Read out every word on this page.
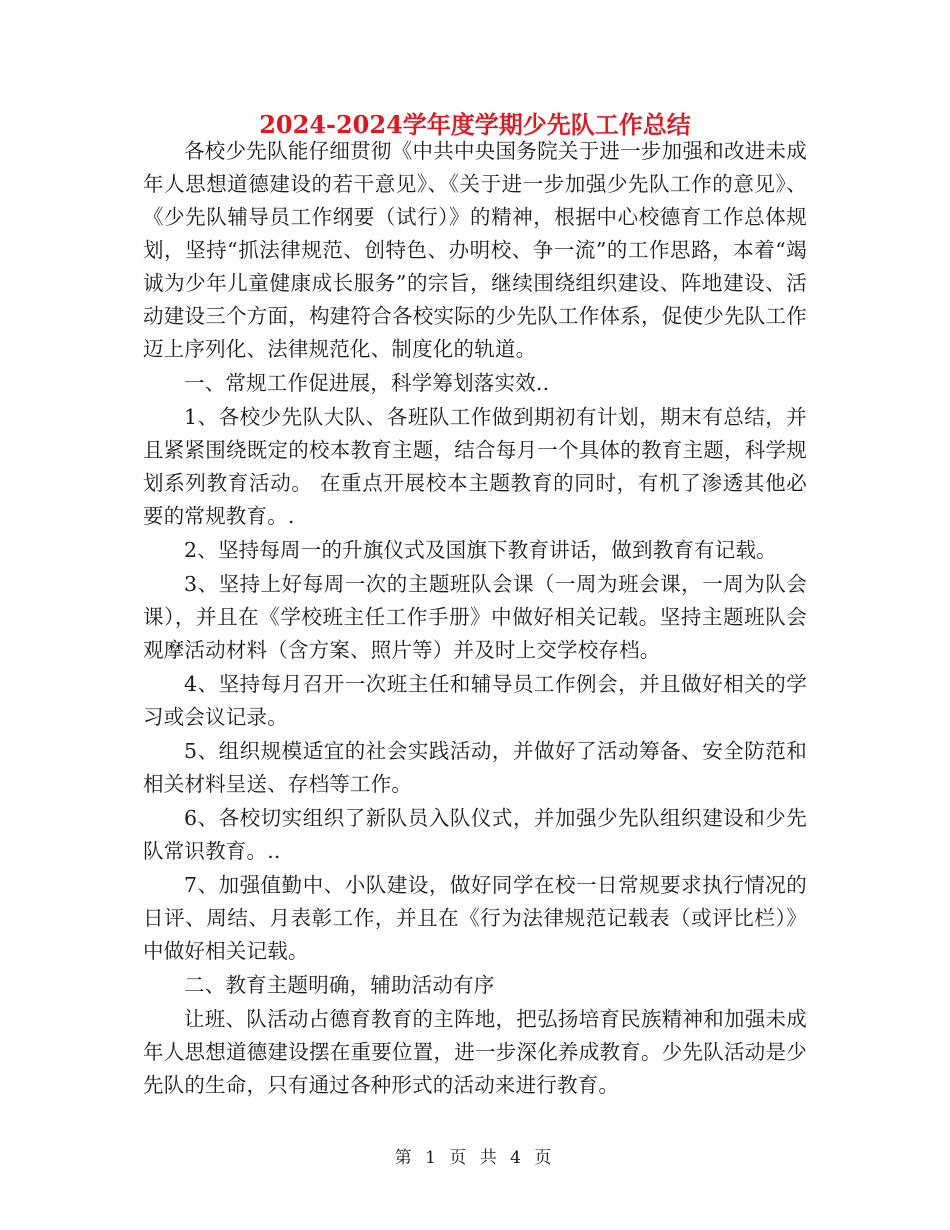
2024-2024学年度学期少先队工作总结

各校少先队能仔细贯彻《中共中央国务院关于进一步加强和改进未成年人思想道德建设的若干意见》、《关于进一步加强少先队工作的意见》、《少先队辅导员工作纲要（试行）》的精神，根据中心校德育工作总体规划，坚持“抓法律规范、创特色、办明校、争一流”的工作思路，本着“竭诚为少年儿童健康成长服务”的宗旨，继续围绕组织建设、阵地建设、活动建设三个方面，构建符合各校实际的少先队工作体系，促使少先队工作迈上序列化、法律规范化、制度化的轨道。

一、常规工作促进展，科学筹划落实效..

1、各校少先队大队、各班队工作做到期初有计划，期末有总结，并且紧紧围绕既定的校本教育主题，结合每月一个具体的教育主题，科学规划系列教育活动。 在重点开展校本主题教育的同时，有机了渗透其他必要的常规教育。.

2、坚持每周一的升旗仪式及国旗下教育讲话，做到教育有记载。

3、坚持上好每周一次的主题班队会课（一周为班会课，一周为队会课），并且在《学校班主任工作手册》中做好相关记载。坚持主题班队会观摩活动材料（含方案、照片等）并及时上交学校存档。

4、坚持每月召开一次班主任和辅导员工作例会，并且做好相关的学习或会议记录。

5、组织规模适宜的社会实践活动，并做好了活动筹备、安全防范和相关材料呈送、存档等工作。

6、各校切实组织了新队员入队仪式，并加强少先队组织建设和少先队常识教育。..

7、加强值勤中、小队建设，做好同学在校一日常规要求执行情况的日评、周结、月表彰工作，并且在《行为法律规范记载表（或评比栏）》中做好相关记载。

二、教育主题明确，辅助活动有序

让班、队活动占德育教育的主阵地，把弘扬培育民族精神和加强未成年人思想道德建设摆在重要位置，进一步深化养成教育。少先队活动是少先队的生命，只有通过各种形式的活动来进行教育。

第 1 页 共 4 页
